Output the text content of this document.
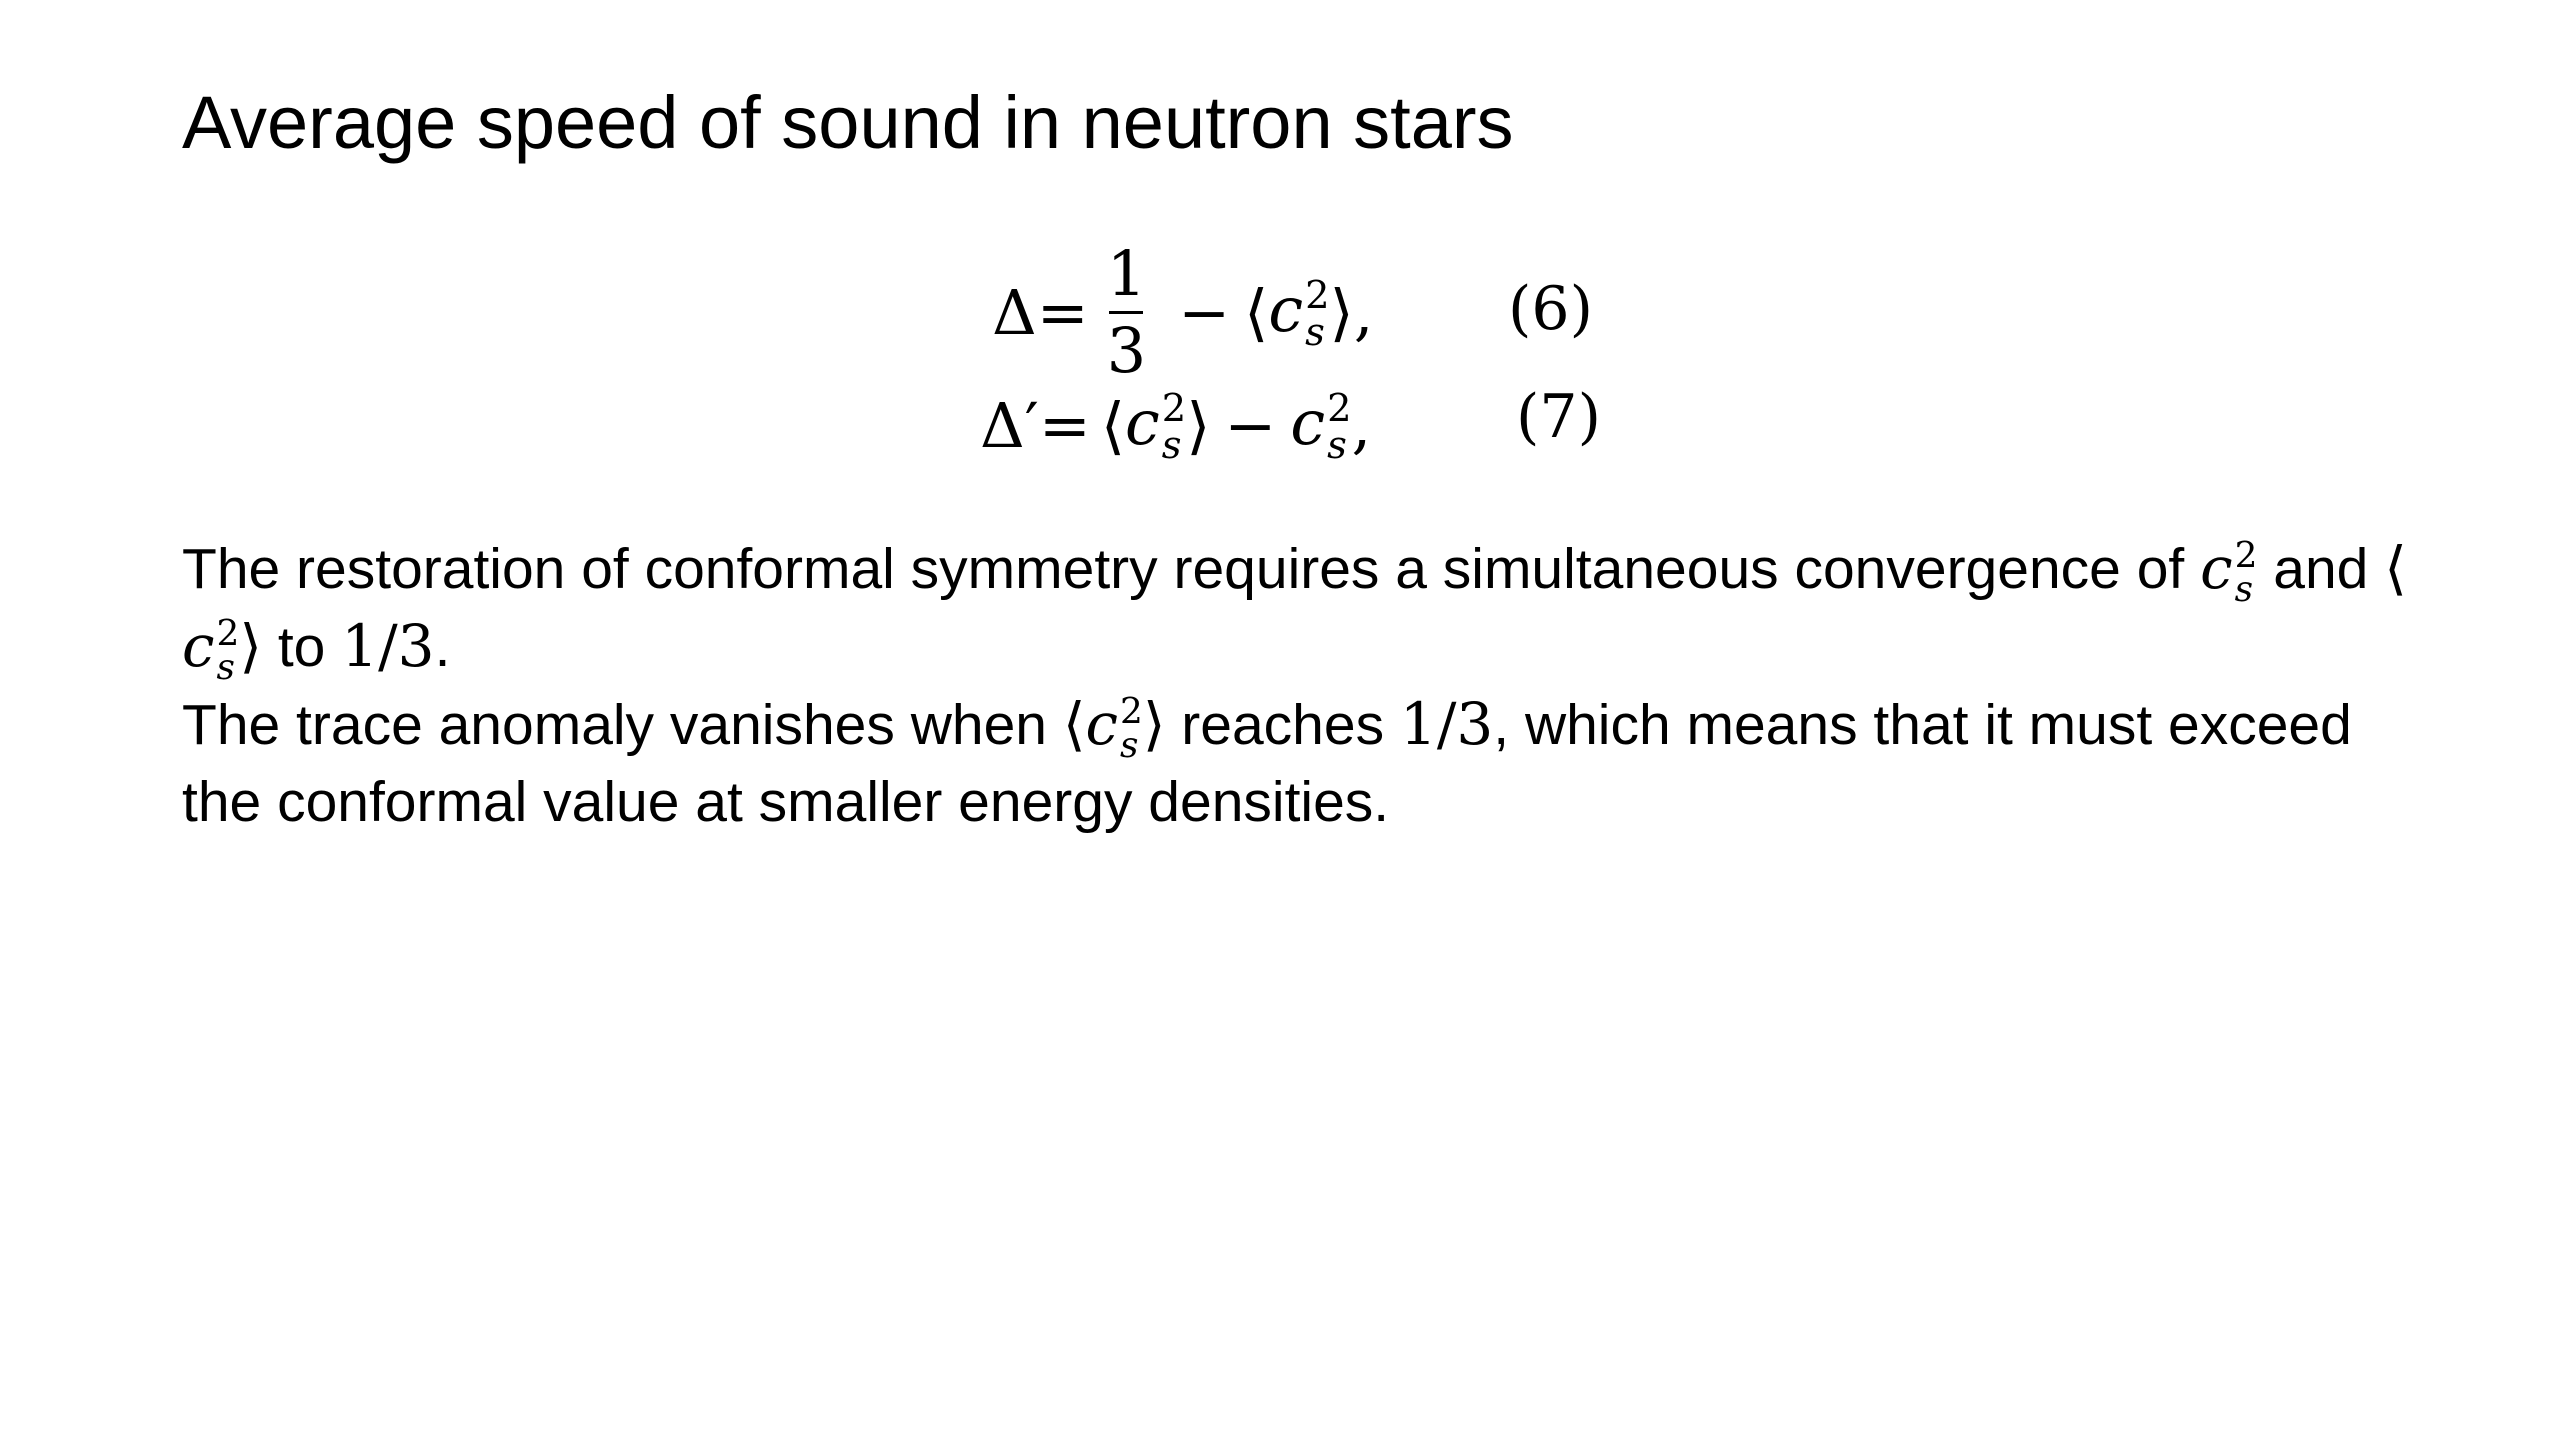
Average speed of sound in neutron stars
$\Delta= \frac{1}{3}$ − ⟨ c 2
s ⟩, (6)
Δ′= ⟨ c 2
s ⟩ − c 2
s , (7)

The restoration of conformal symmetry requires a simultaneous convergence of c 2
s and ⟨c 2
s ⟩ to 1/3.

The trace anomaly vanishes when ⟨c 2
s ⟩ reaches 1/3, which means that it must exceed the conformal value at smaller energy densities.
